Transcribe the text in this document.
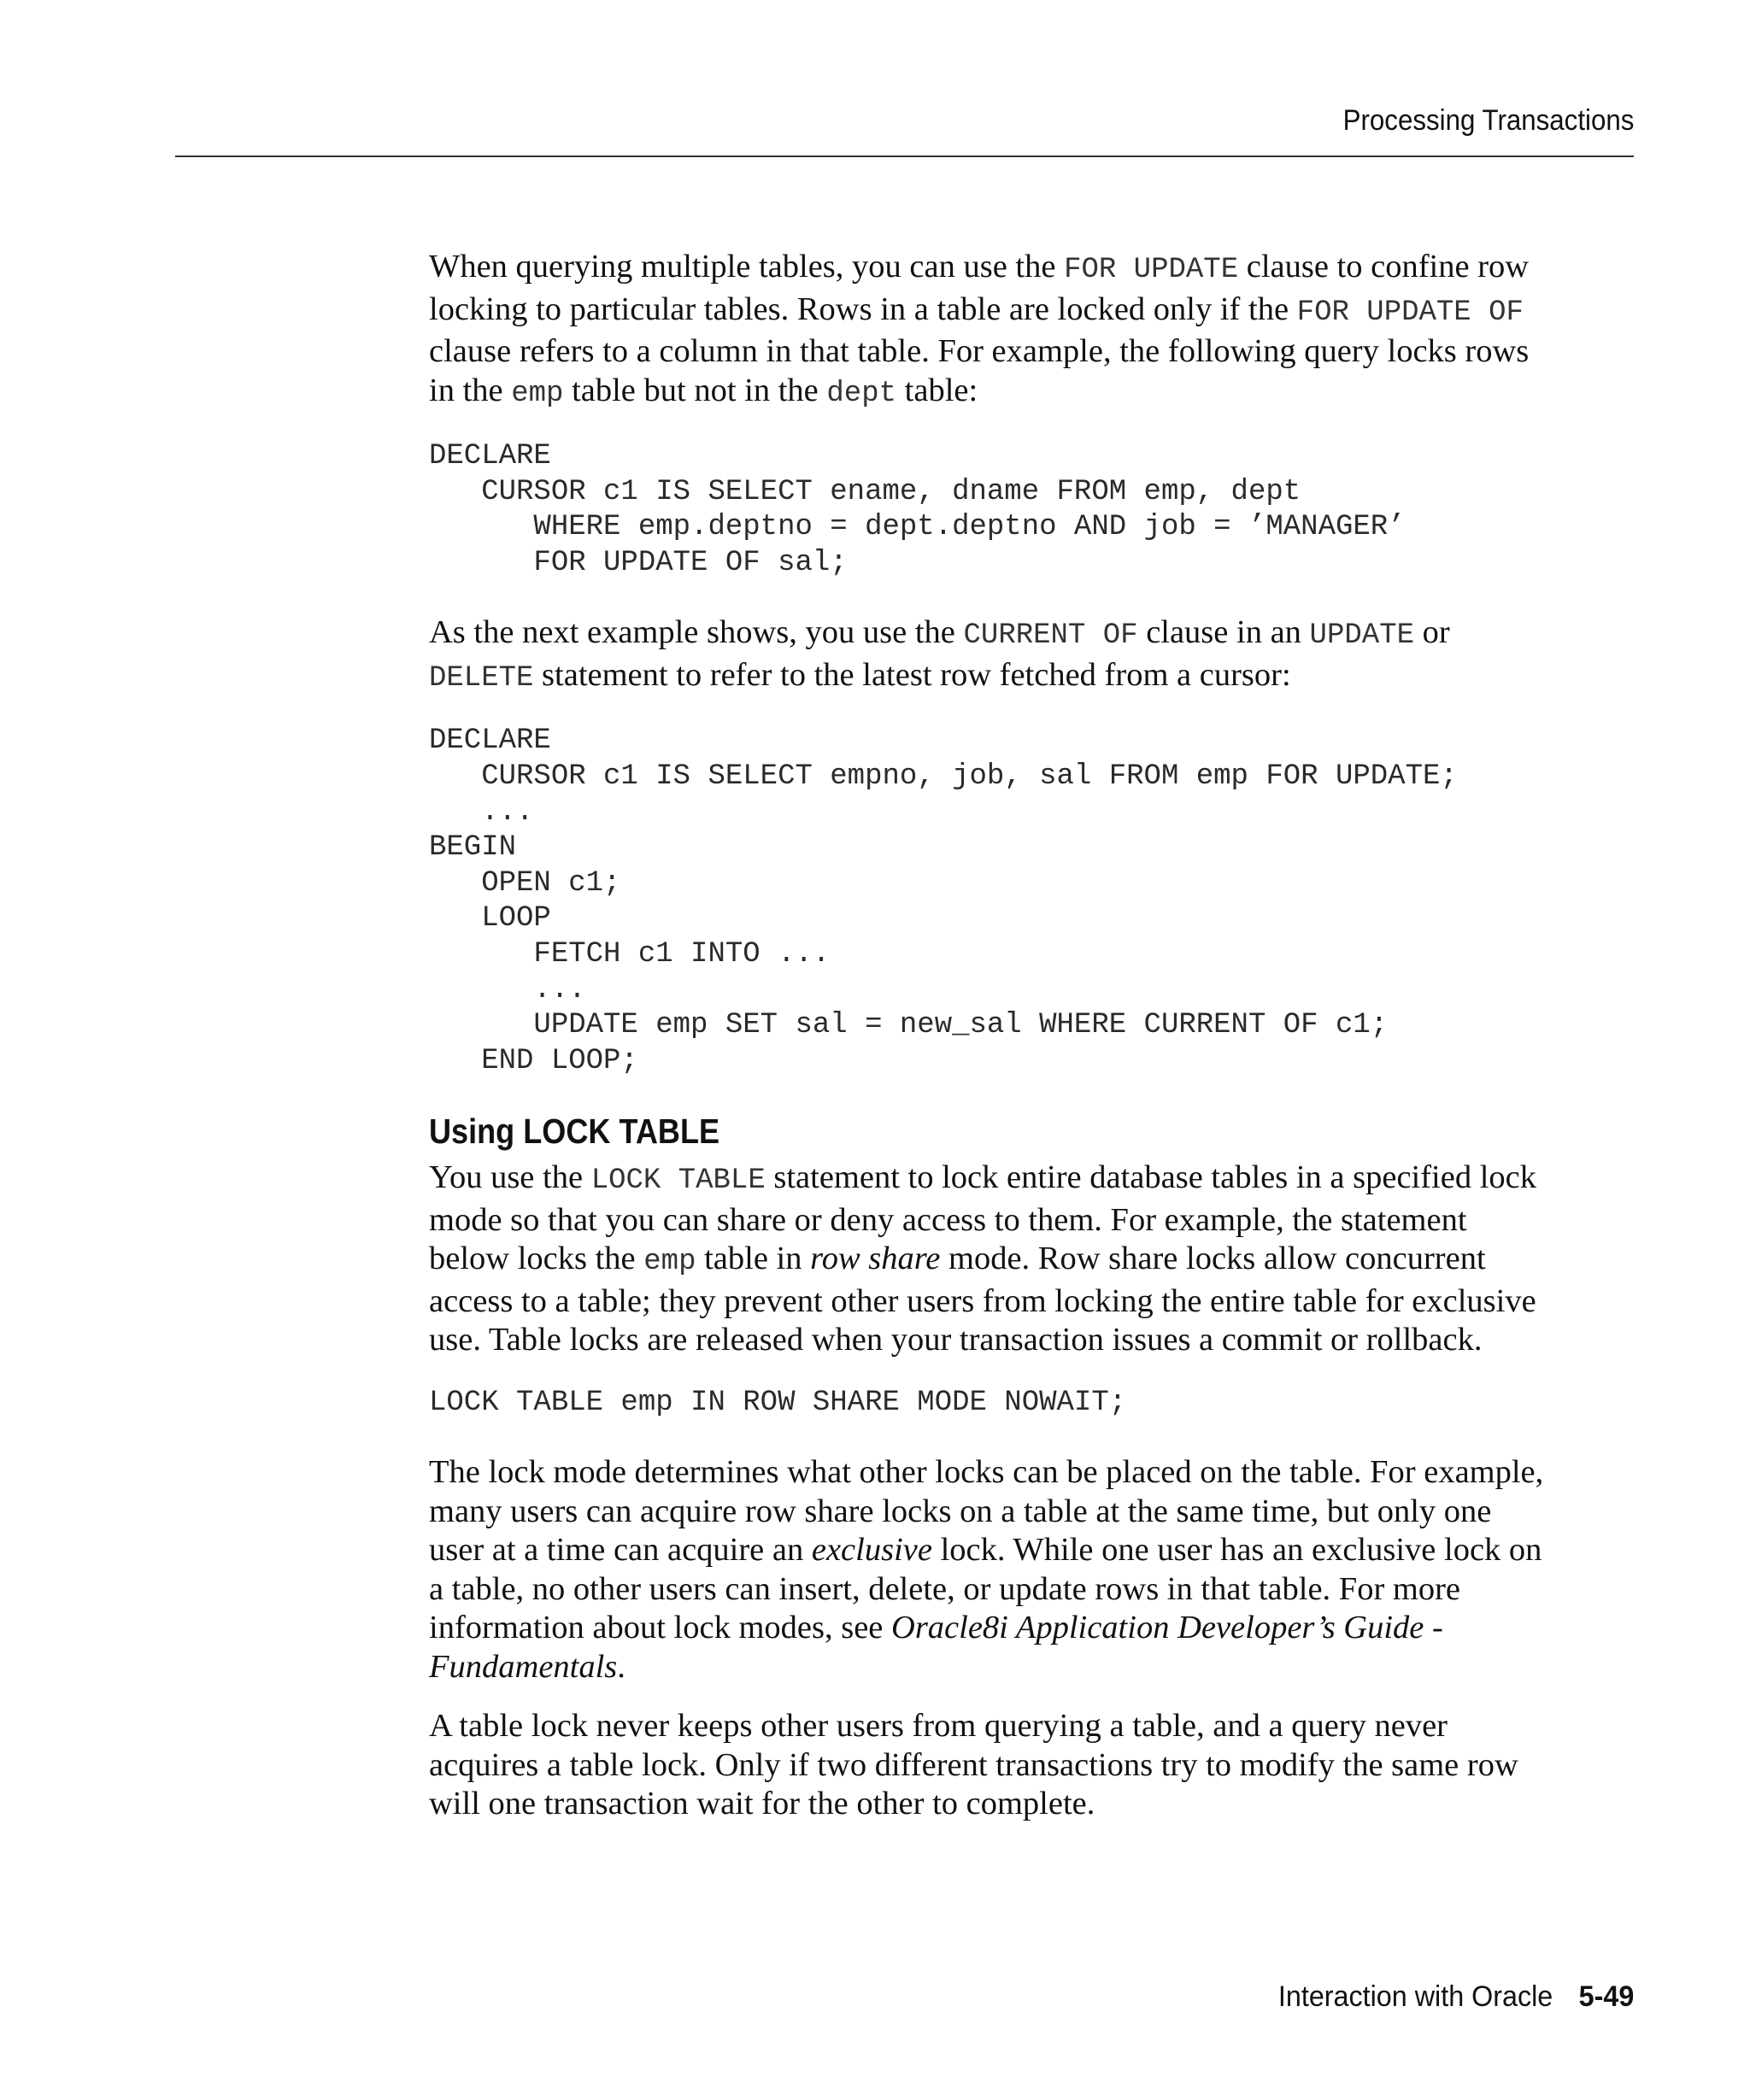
Processing Transactions

When querying multiple tables, you can use the FOR UPDATE clause to confine row
locking to particular tables. Rows in a table are locked only if the FOR UPDATE OF
clause refers to a column in that table. For example, the following query locks rows
in the emp table but not in the dept table:

DECLARE
CURSOR c1 IS SELECT ename, dname FROM emp, dept
WHERE emp.deptno = dept.deptno AND job = ’MANAGER’
FOR UPDATE OF sal;

As the next example shows, you use the CURRENT OF clause in an UPDATE or
DELETE statement to refer to the latest row fetched from a cursor:

DECLARE
CURSOR c1 IS SELECT empno, job, sal FROM emp FOR UPDATE;
...
BEGIN
OPEN c1;
LOOP
FETCH c1 INTO ...
...
UPDATE emp SET sal = new_sal WHERE CURRENT OF c1;
END LOOP;
Using LOCK TABLE

You use the LOCK TABLE statement to lock entire database tables in a specified lock
mode so that you can share or deny access to them. For example, the statement
below locks the emp table in row share mode. Row share locks allow concurrent
access to a table; they prevent other users from locking the entire table for exclusive
use. Table locks are released when your transaction issues a commit or rollback.

LOCK TABLE emp IN ROW SHARE MODE NOWAIT;

The lock mode determines what other locks can be placed on the table. For example,
many users can acquire row share locks on a table at the same time, but only one
user at a time can acquire an exclusive lock. While one user has an exclusive lock on
a table, no other users can insert, delete, or update rows in that table. For more
information about lock modes, see Oracle8i Application Developer’s Guide -
Fundamentals.

A table lock never keeps other users from querying a table, and a query never
acquires a table lock. Only if two different transactions try to modify the same row
will one transaction wait for the other to complete.

Interaction with Oracle 5-49
